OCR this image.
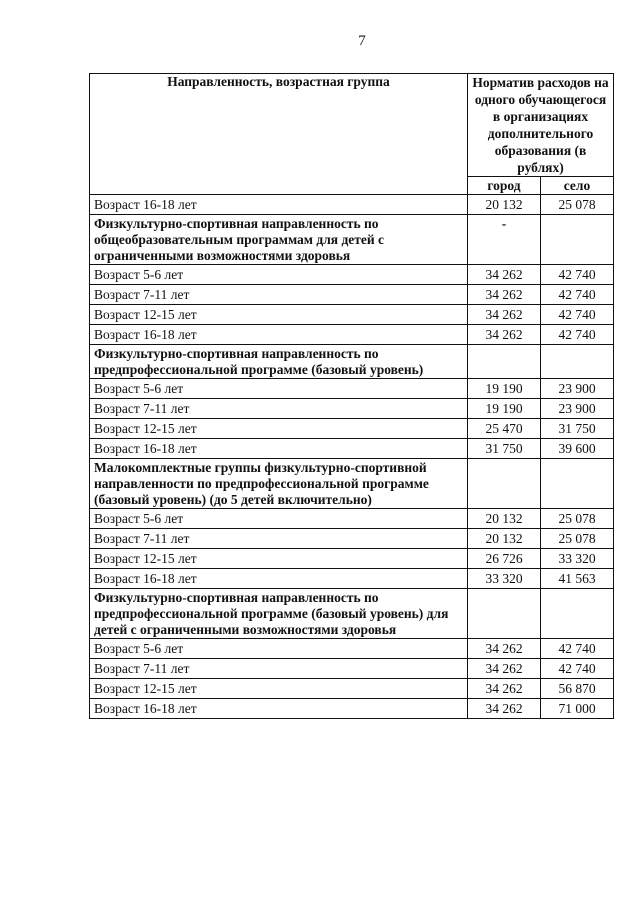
7
Направленность, возрастная группа	Норматив расходов на одного обучающегося в организациях дополнительного образования (в рублях)	
	город	село
Возраст 16-18 лет	20 132	25 078
Физкультурно-спортивная направленность по общеобразовательным программам для детей с ограниченными возможностями здоровья	-	
Возраст 5-6 лет	34 262	42 740
Возраст 7-11 лет	34 262	42 740
Возраст 12-15 лет	34 262	42 740
Возраст 16-18 лет	34 262	42 740
Физкультурно-спортивная направленность по предпрофессиональной программе (базовый уровень)		
Возраст 5-6 лет	19 190	23 900
Возраст 7-11 лет	19 190	23 900
Возраст 12-15 лет	25 470	31 750
Возраст 16-18 лет	31 750	39 600
Малокомплектные группы физкультурно-спортивной направленности по предпрофессиональной программе (базовый уровень) (до 5 детей включительно)		
Возраст 5-6 лет	20 132	25 078
Возраст 7-11 лет	20 132	25 078
Возраст 12-15 лет	26 726	33 320
Возраст 16-18 лет	33 320	41 563
Физкультурно-спортивная направленность по предпрофессиональной программе (базовый уровень) для детей с ограниченными возможностями здоровья		
Возраст 5-6 лет	34 262	42 740
Возраст 7-11 лет	34 262	42 740
Возраст 12-15 лет	34 262	56 870
Возраст 16-18 лет	34 262	71 000
